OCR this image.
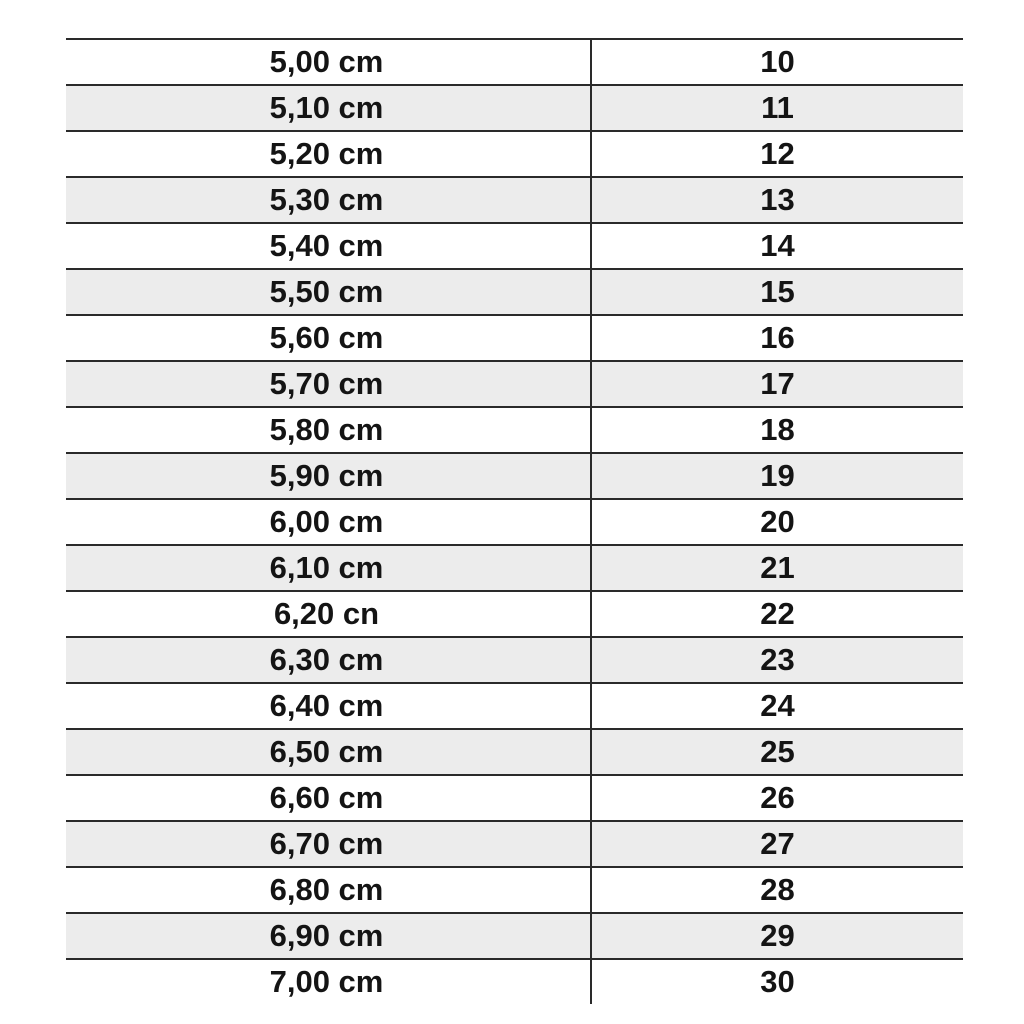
5,00 cm	10
5,10 cm	11
5,20 cm	12
5,30 cm	13
5,40 cm	14
5,50 cm	15
5,60 cm	16
5,70 cm	17
5,80 cm	18
5,90 cm	19
6,00 cm	20
6,10 cm	21
6,20 cn	22
6,30 cm	23
6,40 cm	24
6,50 cm	25
6,60 cm	26
6,70 cm	27
6,80 cm	28
6,90 cm	29
7,00 cm	30
